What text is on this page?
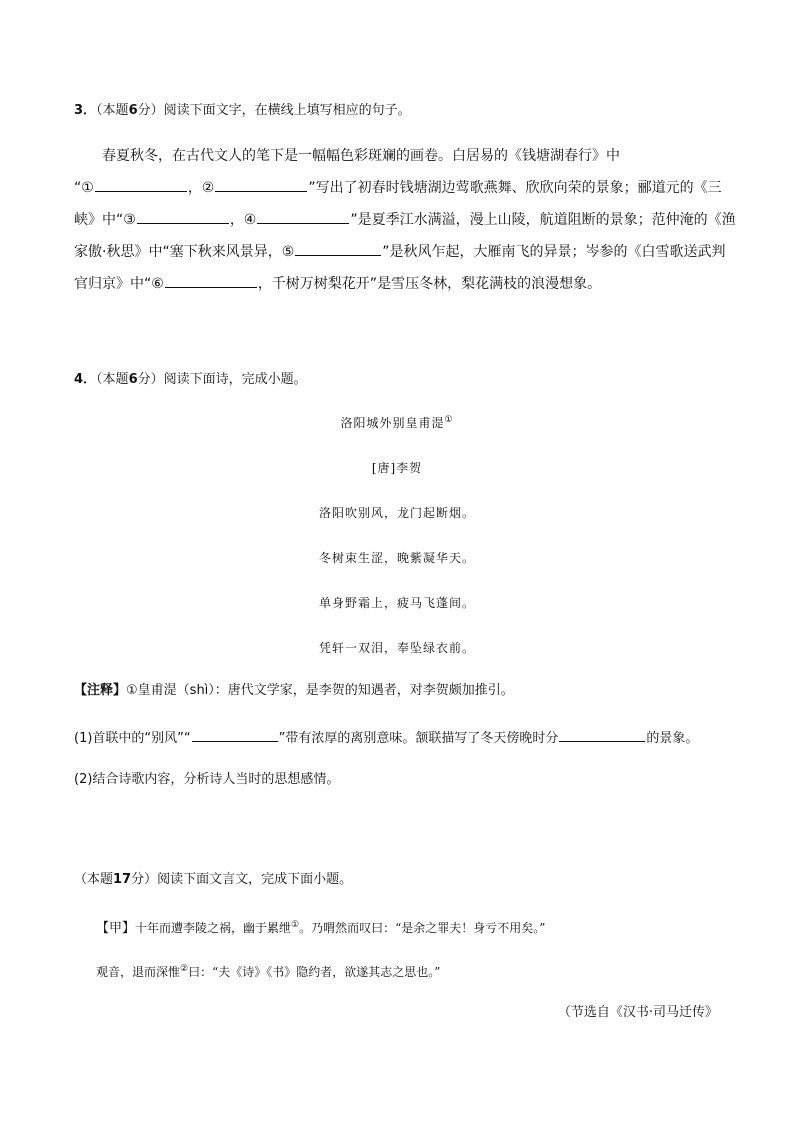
3．（本题6分）阅读下面文字，在横线上填写相应的句子。
春夏秋冬，在古代文人的笔下是一幅幅色彩斑斓的画卷。白居易的《钱塘湖春行》中
“①	，②	”写出了初春时钱塘湖边莺歌燕舞、欣欣向荣的景象；郦道元的《三
峡》中“③	，④	”是夏季江水满溢，漫上山陵，航道阻断的景象；范仲淹的《渔
家傲·秋思》中“塞下秋来风景异，⑤	”是秋风乍起，大雁南飞的异景；岑参的《白雪歌送武判
官归京》中“⑥	，千树万树梨花开”是雪压冬林，梨花满枝的浪漫想象。
4．（本题6分）阅读下面诗，完成小题。
洛阳城外别皇甫湜①
[唐]李贺
洛阳吹别风，龙门起断烟。
冬树束生涩，晚紫凝华天。
单身野霜上，疲马飞蓬间。
凭轩一双泪，奉坠绿衣前。
【注释】①皇甫湜（shì）：唐代文学家，是李贺的知遇者，对李贺颇加推引。
(1)首联中的“别风”“	”带有浓厚的离别意味。颔联描写了冬天傍晚时分	的景象。
(2)结合诗歌内容，分析诗人当时的思想感情。
（本题17分）阅读下面文言文，完成下面小题。
【甲】十年而遭李陵之祸，幽于累绁①。乃喟然而叹曰：“是余之罪夫！身亏不用矣。”
观音，退而深惟②曰：“夫《诗》《书》隐约者，欲遂其志之思也。”
（节选自《汉书·司马迁传》
